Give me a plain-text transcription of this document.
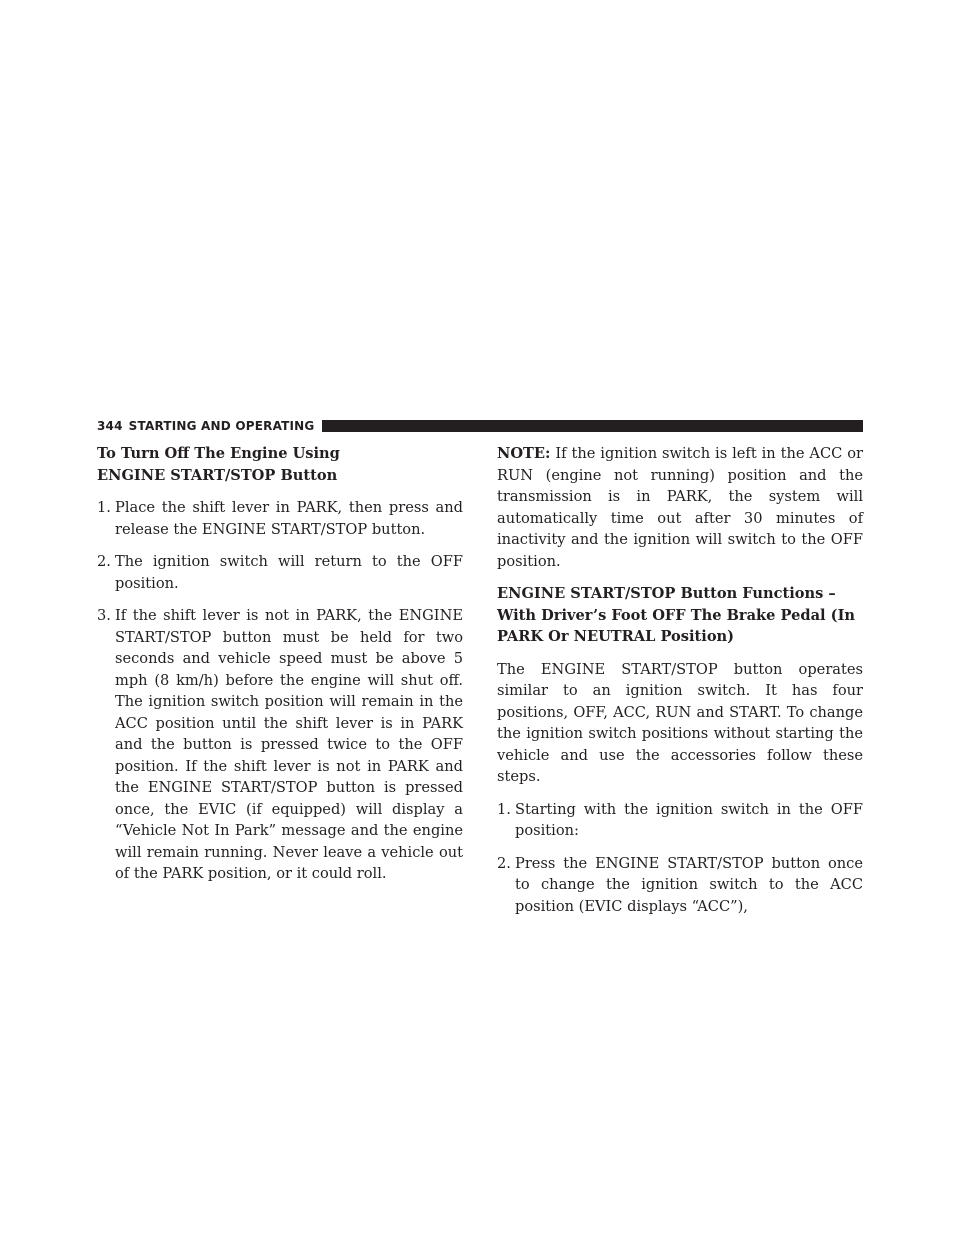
344 STARTING AND OPERATING
To Turn Off The Engine Using ENGINE START/STOP Button
1. Place the shift lever in PARK, then press and release the ENGINE START/STOP button.
2. The ignition switch will return to the OFF position.
3. If the shift lever is not in PARK, the ENGINE START/STOP button must be held for two seconds and vehicle speed must be above 5 mph (8 km/h) before the engine will shut off. The ignition switch position will remain in the ACC position until the shift lever is in PARK and the button is pressed twice to the OFF position. If the shift lever is not in PARK and the ENGINE START/STOP button is pressed once, the EVIC (if equipped) will display a “Vehicle Not In Park” message and the engine will remain running. Never leave a vehicle out of the PARK position, or it could roll.

NOTE: If the ignition switch is left in the ACC or RUN (engine not running) position and the transmission is in PARK, the system will automatically time out after 30 minutes of inactivity and the ignition will switch to the OFF position.

ENGINE START/STOP Button Functions – With Driver’s Foot OFF The Brake Pedal (In PARK Or NEUTRAL Position)

The ENGINE START/STOP button operates similar to an ignition switch. It has four positions, OFF, ACC, RUN and START. To change the ignition switch positions without starting the vehicle and use the accessories follow these steps.

1. Starting with the ignition switch in the OFF position:
2. Press the ENGINE START/STOP button once to change the ignition switch to the ACC position (EVIC displays “ACC”),
